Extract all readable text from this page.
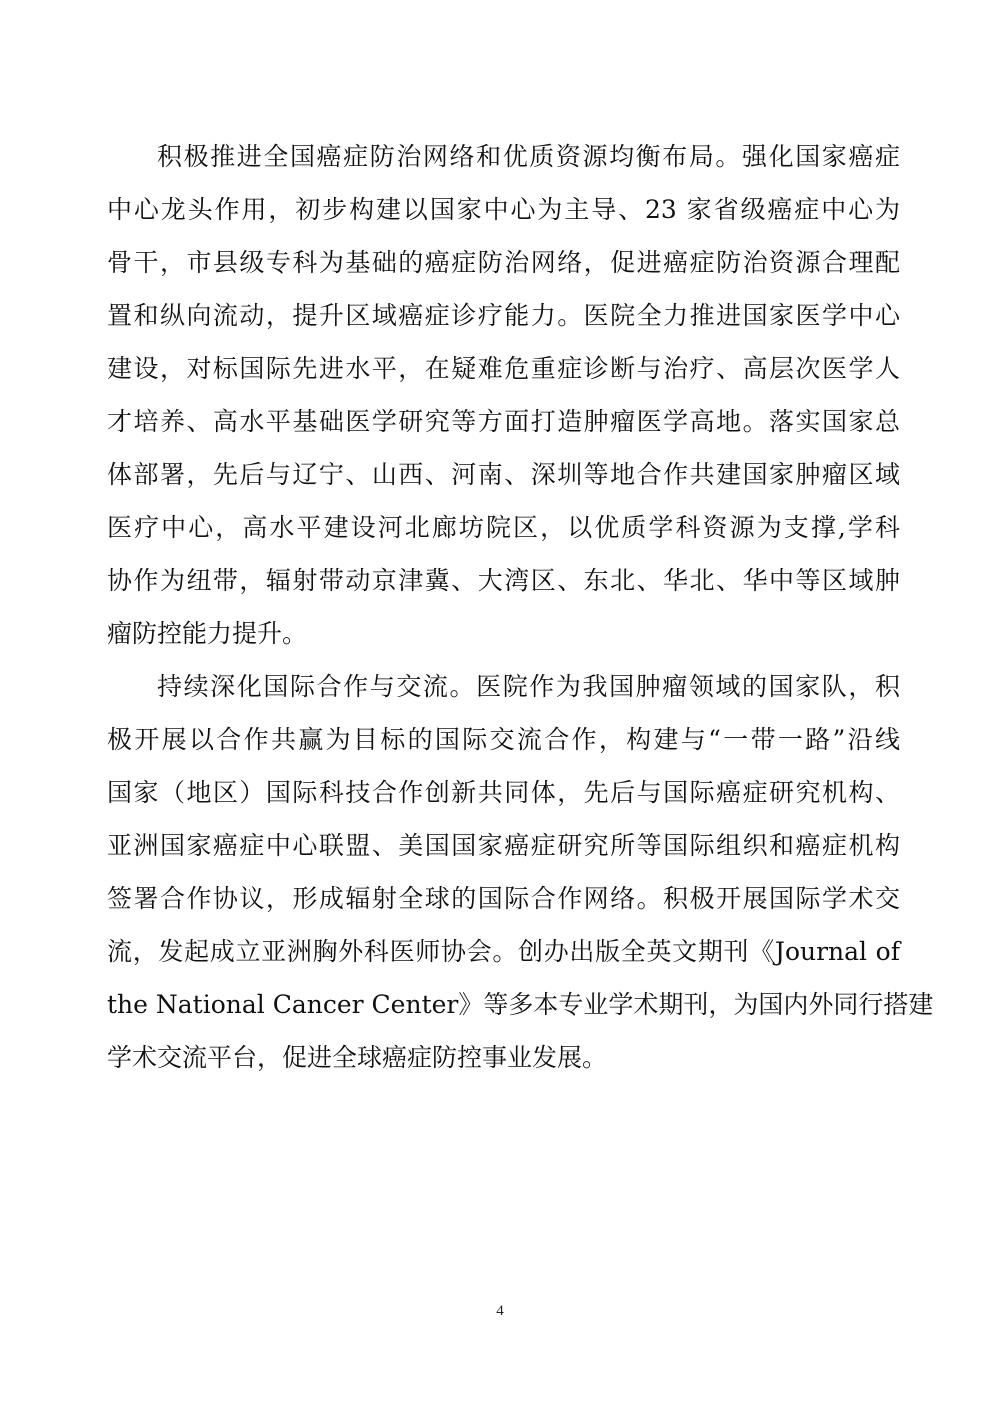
积极推进全国癌症防治网络和优质资源均衡布局。强化国家癌症
中心龙头作用，初步构建以国家中心为主导、23 家省级癌症中心为
骨干，市县级专科为基础的癌症防治网络，促进癌症防治资源合理配
置和纵向流动，提升区域癌症诊疗能力。医院全力推进国家医学中心
建设，对标国际先进水平，在疑难危重症诊断与治疗、高层次医学人
才培养、高水平基础医学研究等方面打造肿瘤医学高地。落实国家总
体部署，先后与辽宁、山西、河南、深圳等地合作共建国家肿瘤区域
医疗中心，高水平建设河北廊坊院区，以优质学科资源为支撑,学科
协作为纽带，辐射带动京津冀、大湾区、东北、华北、华中等区域肿
瘤防控能力提升。
持续深化国际合作与交流。医院作为我国肿瘤领域的国家队，积
极开展以合作共赢为目标的国际交流合作，构建与“一带一路”沿线
国家（地区）国际科技合作创新共同体，先后与国际癌症研究机构、
亚洲国家癌症中心联盟、美国国家癌症研究所等国际组织和癌症机构
签署合作协议，形成辐射全球的国际合作网络。积极开展国际学术交
流，发起成立亚洲胸外科医师协会。创办出版全英文期刊《Journal of
the National Cancer Center》等多本专业学术期刊，为国内外同行搭建
学术交流平台，促进全球癌症防控事业发展。
4
